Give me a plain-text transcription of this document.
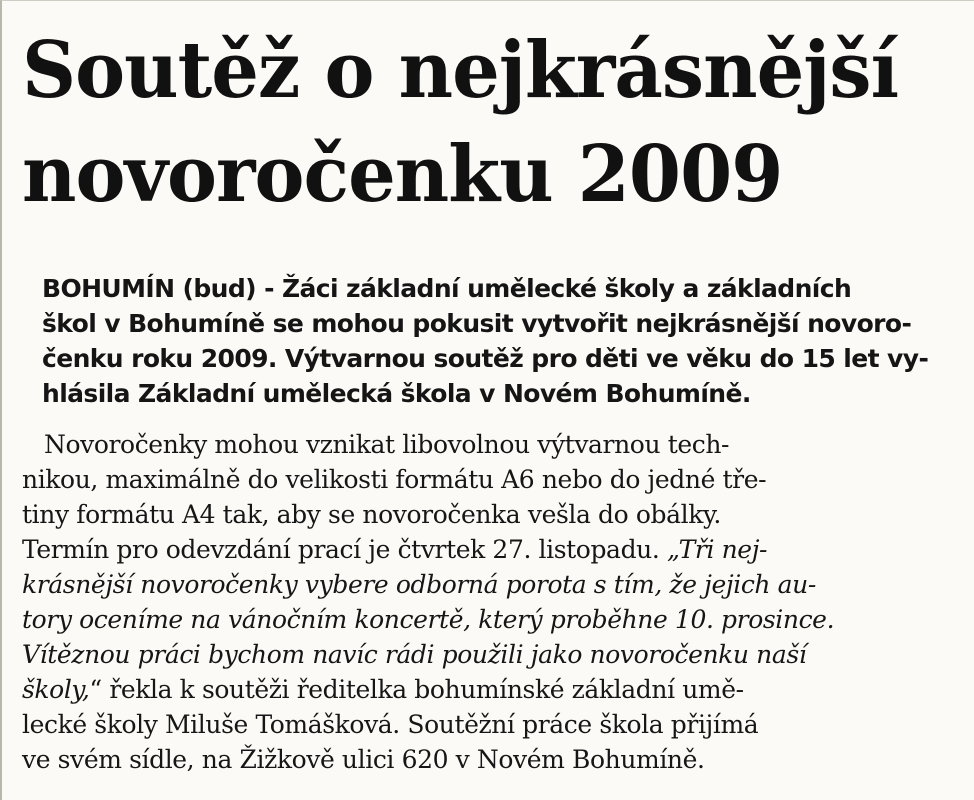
Soutěž o nejkrásnější
novoročenku 2009

BOHUMÍN (bud) - Žáci základní umělecké školy a základních
škol v Bohumíně se mohou pokusit vytvořit nejkrásnější novoro-
čenku roku 2009. Výtvarnou soutěž pro děti ve věku do 15 let vy-
hlásila Základní umělecká škola v Novém Bohumíně.

Novoročenky mohou vznikat libovolnou výtvarnou tech-
nikou, maximálně do velikosti formátu A6 nebo do jedné tře-
tiny formátu A4 tak, aby se novoročenka vešla do obálky.
Termín pro odevzdání prací je čtvrtek 27. listopadu. „Tři nej-
krásnější novoročenky vybere odborná porota s tím, že jejich au-
tory oceníme na vánočním koncertě, který proběhne 10. prosince.
Vítěznou práci bychom navíc rádi použili jako novoročenku naší
školy,“ řekla k soutěži ředitelka bohumínské základní umě-
lecké školy Miluše Tomášková. Soutěžní práce škola přijímá
ve svém sídle, na Žižkově ulici 620 v Novém Bohumíně.
